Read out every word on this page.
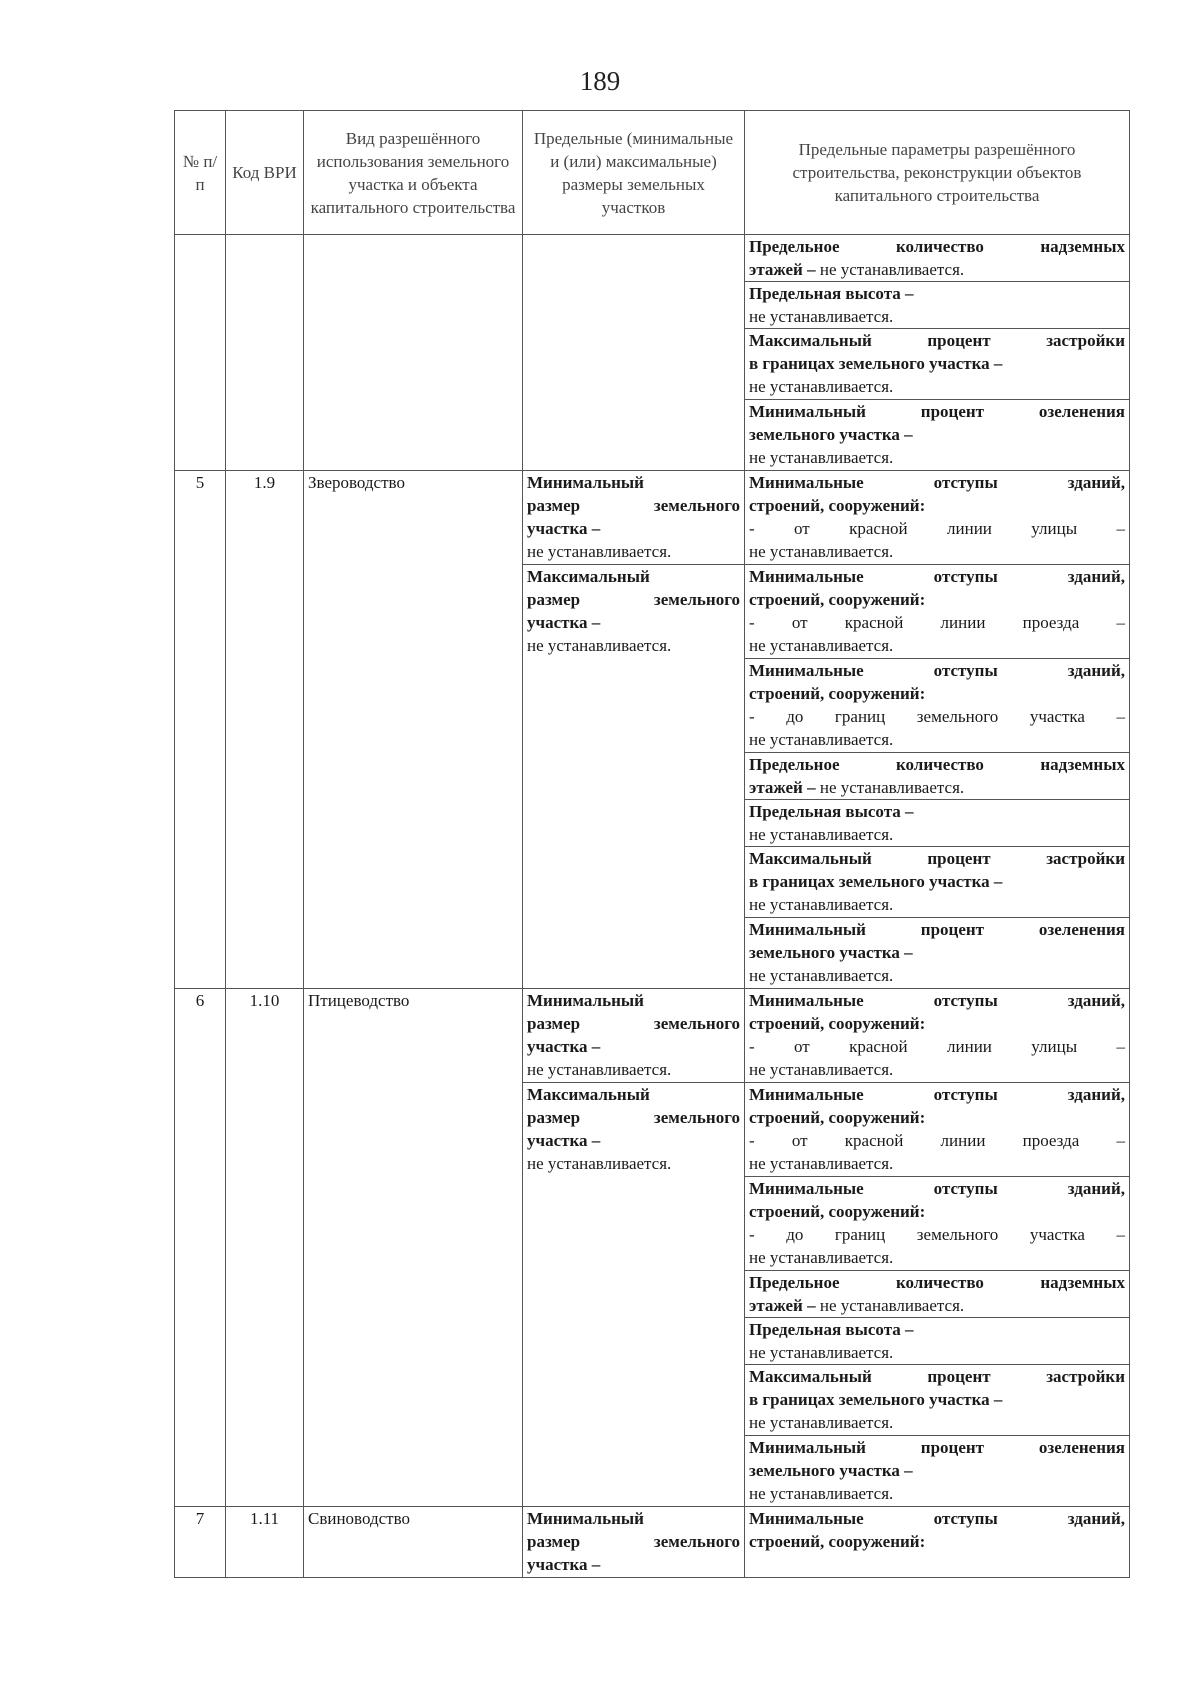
189
№ п/п	Код ВРИ	Вид разрешённого использования земельного участка и объекта капитального строительства	Предельные (минимальные и (или) максимальные) размеры земельных участков	Предельные параметры разрешённого строительства, реконструкции объектов капитального строительства

				Предельное количество надземных
этажей – не устанавливается.

				Предельная высота –
не устанавливается.

				Максимальный процент застройки
в границах земельного участка –
не устанавливается.

				Минимальный процент озеленения
земельного участка –
не устанавливается.

5	1.9	Звероводство	Минимальный
размер земельного
участка –
не устанавливается.	Минимальные отступы зданий,
строений, сооружений:
- от красной линии улицы –
не устанавливается.

			Максимальный
размер земельного
участка –
не устанавливается.	Минимальные отступы зданий,
строений, сооружений:
- от красной линии проезда –
не устанавливается.

				Минимальные отступы зданий,
строений, сооружений:
- до границ земельного участка –
не устанавливается.

				Предельное количество надземных
этажей – не устанавливается.

				Предельная высота –
не устанавливается.

				Максимальный процент застройки
в границах земельного участка –
не устанавливается.

				Минимальный процент озеленения
земельного участка –
не устанавливается.

6	1.10	Птицеводство	Минимальный
размер земельного
участка –
не устанавливается.	Минимальные отступы зданий,
строений, сооружений:
- от красной линии улицы –
не устанавливается.

			Максимальный
размер земельного
участка –
не устанавливается.	Минимальные отступы зданий,
строений, сооружений:
- от красной линии проезда –
не устанавливается.

				Минимальные отступы зданий,
строений, сооружений:
- до границ земельного участка –
не устанавливается.

				Предельное количество надземных
этажей – не устанавливается.

				Предельная высота –
не устанавливается.

				Максимальный процент застройки
в границах земельного участка –
не устанавливается.

				Минимальный процент озеленения
земельного участка –
не устанавливается.

7	1.11	Свиноводство	Минимальный
размер земельного
участка –	Минимальные отступы зданий,
строений, сооружений:
